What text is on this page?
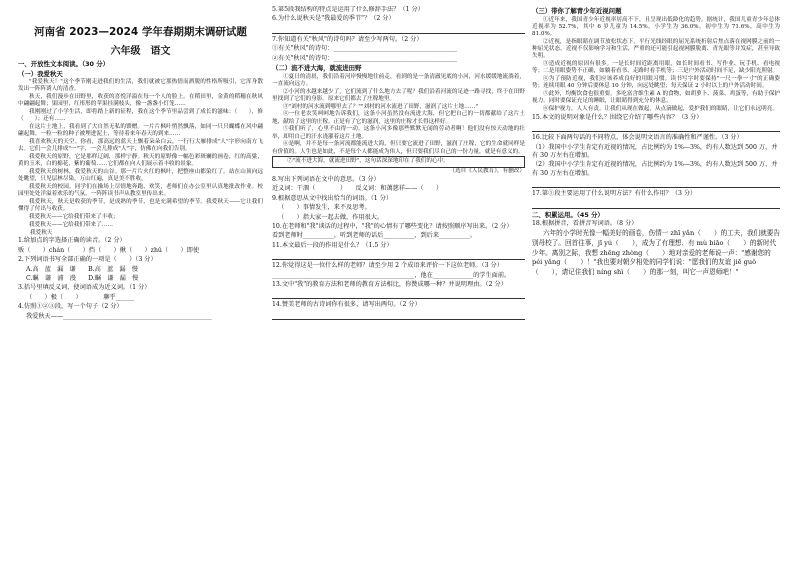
河南省 2023—2024 学年春期期末调研试题
六年级　语文
一、开放性文本阅读。（30 分）
（一）我爱秋天

"我爱秋天！"这个季节刚走进我们的生活，我们就被它那热情而洒脱的性格所吸引，它浑身散发出一阵阵诱人的清香。

秋天，我们漫步在田野里，收获的喜悦洋溢在每一个人的脸上。在稻田里，金黄的稻穗在秋风中翩翩起舞；果园里，红彤彤的苹果挂满枝头，像一盏盏小灯笼……

我刚刚过了小学生活，即将踏上新的征程，我在这个季节里品尝到了成长的滋味：（　　），修（　　）；还有……

在这片土地上，我看到了大自然无私的馈赠。一片片枫叶悄然飘落，如同一只只蝴蝶在风中翩翩起舞。一粒一粒的种子被埋进泥土，等待着来年春天的到来……

我喜欢秋天的天空。你看，那高远的蓝天上飘着朵朵白云，一行行大雁排成"人"字形向南方飞去。它们一会儿排成"一"字，一会儿排成"人"字，仿佛在向我们告别。

我爱秋天的原野，它是那样辽阔，那样宁静。秋天的原野像一幅色彩斑斓的画卷，红的高粱，黄的玉米，白的棉花，紫的葡萄……它们都在向人们展示着丰收的景象。

我爱秋天的树林，我爱秋天的山谷。那一片片火红的枫叶，把整座山都染红了。站在山顶向远处眺望，只见层林尽染，万山红遍，真是美不胜收。

我爱秋天的校园。同学们在操场上尽情地奔跑、欢笑，老师们在办公室里认真地批改作业。校园里处处洋溢着欢乐的气氛，一阵阵读书声从教室里传出来。

我爱秋天，秋天是收获的季节，是成熟的季节，也是充满希望的季节。我爱秋天——它让我们懂得了付出与收获。

我爱秋天——它给我们带来了丰收；

我爱秋天——它给我们带来了……

我爱秋天

1.给加点的字选择正确的读音。（2 分）
贩（　　）chán（　　）挡（　　）揪（　　）zhǔ（　　）即使
2.下列词语书写全部正确的一项是（　　）（3 分）
A.高　蓝　漏　谦　　B.高　蓝　漏　慢
C.瞩　谦　浦　漫　　D.瞩　谦　漏　慢
3.括号里填反义词，使词语成为近义词。（1 分）
（　　）极（　　）　　　　聊乎______
4.仿照①②③段，写一个句子（2 分）
我爱秋天——________________________________________________
5.第5段我结构的特点是运用了什么修辞手法？（1 分）
6.为什么说秋天是"我最爱的季节"？（2 分）
7.你知道有关"秋风"的诗句吗？请至少写两句。（2 分）
①有关"秋风"的诗句：________________________________________
②有关"秋风"的诗句：________________________________________
（二）流不进大海，就流进田野

①夏日的清晨，我们沿着河岸慢慢地往前走，看到的是一条清澈见底的小河，河水缓缓地流淌着，一直流向远方。

②小河的水越来越少了，它们流到了什么地方去了呢？我们沿着河流的足迹一路寻找，终于在田野里找到了它们的身影。原来它们都去了庄稼地里。

③"刘村的河水流到哪里去了？""刘村的河水流进了田野，滋润了这片土地……"

④一位老农笑呵呵地告诉我们，这条小河虽然没有流进大海，但它把自己的一切都献给了这片土地，献给了这里的庄稼。正是有了它的滋润，这里的庄稼才长得这样好。

⑤我们听了，心里不由得一动。这条小河多像那些默默无闻的劳动者啊！他们没有惊天动地的壮举，却用自己的汗水浇灌着这片土地。

⑥是啊，并不是每一条河流都能流进大海，但只要它流进了田野，滋润了庄稼，它的生命就同样是有价值的。人生也是如此，不是每个人都能成为伟人，但只要我们尽自己的一份力量，就是有意义的。

⑦"流不进大海，就流进田野"，这句话深深地印在了我们的心中。

（选自《人民教育》，有删改）

8.写出下列词语在文中的意思。（3 分）
近义词：干涸（　　　　）　　反义词：和蔼慈祥——（　　）
9.根据意思从文中找出恰当的词语。（1 分）
（　　）事情发生，来不及思考。
（　　）指大家一起去做，作用很大。
10.在老师和"我"谈话的过程中，"我"的心情有了哪些变化？请按照顺序写出来。（2 分）
看到老师时__________，听到老师的话后__________，到后来__________。
11.本文最后一段的作用是什么？（1.5 分）
12.你觉得这是一位什么样的老师？请至少用 2 个成语来评价一下这位老师。（3 分）
______________________________________________，他在_____________的学生面前。
13.文中"我"的教育方法和老师的教育方法相比，你赞成哪一种？并说明理由。（2 分）
14.赞美老师的古诗词你有很多，请写出两句。（2 分）
（三）带你了解青少年近视问题

①近年来，我国青少年近视率居高不下，且呈现出低龄化的趋势。据统计，我国儿童青少年总体近视率为 52.7%，其中 6 岁儿童为 14.5%，小学生为 36.0%，初中生为 71.6%，高中生为 81.0%。

②近视，是指眼睛在调节放松状态下，平行光线经眼的屈光系统折射后焦点落在视网膜之前的一种屈光状态。近视不仅影响学习和生活，严重的还可能引起视网膜脱离、青光眼等并发症，甚至导致失明。

③造成近视的原因有很多。一是长时间近距离用眼，如长时间看书、写作业、玩手机、看电视等；二是用眼姿势不正确，如躺着看书、走路时看手机等；三是户外活动时间不足，缺少阳光照射。

④为了预防近视，我们应该养成良好的用眼习惯。读书写字时要保持"一尺一拳一寸"的正确姿势；连续用眼 40 分钟后要休息 10 分钟，向远处眺望；每天保证 2 小时以上的户外活动时间。

⑤此外，均衡饮食也很重要。多吃富含维生素 A 的食物，如胡萝卜、菠菜、鸡蛋等，有助于保护视力。同时要保证充足的睡眠，让眼睛得到充分的休息。

⑥保护视力，人人有责。让我们从现在做起，从点滴做起，爱护我们的眼睛，让它们永远明亮。

15.本文的说明对象是什么？围绕它介绍了哪些内容？（3 分）
16.比较下面两句话的不同特点，体会说明文语言的准确性和严谨性。（3 分）
（1）我国中小学生肯定有近视的情况，占比例约为 1%—3%，约有人数达到 500 万，并有 30 万左右在增加。
（2）我国中小学生肯定有近视的情况，占比例约为 1%—3%，约有人数达到 500 万，并有 30 万左右在增加。
17.第①段主要运用了什么说明方法？有什么作用？（3 分）
二、积累运用。（45 分）
18.根据拼音，看拼音写词语。（8 分）
六年的小学时光像一幅美好的画卷，伤情一 zhī yǎn（　　）的工夫，我们就要告别母校了。回首往事，jī yú（　　），成为了有理想、有 mù biāo（　　）的新时代少年。离别之际，我想 zhēng zhòng（　　）地对亲爱的老师说一声："感谢您的 péi yǎng（　　）！"我也要对朝夕相处的同学们说："愿我们的友谊 jiē guǒ（　　），请记住我们 níng shì（　　）的那一刻，叫它一声恩师吧！"
